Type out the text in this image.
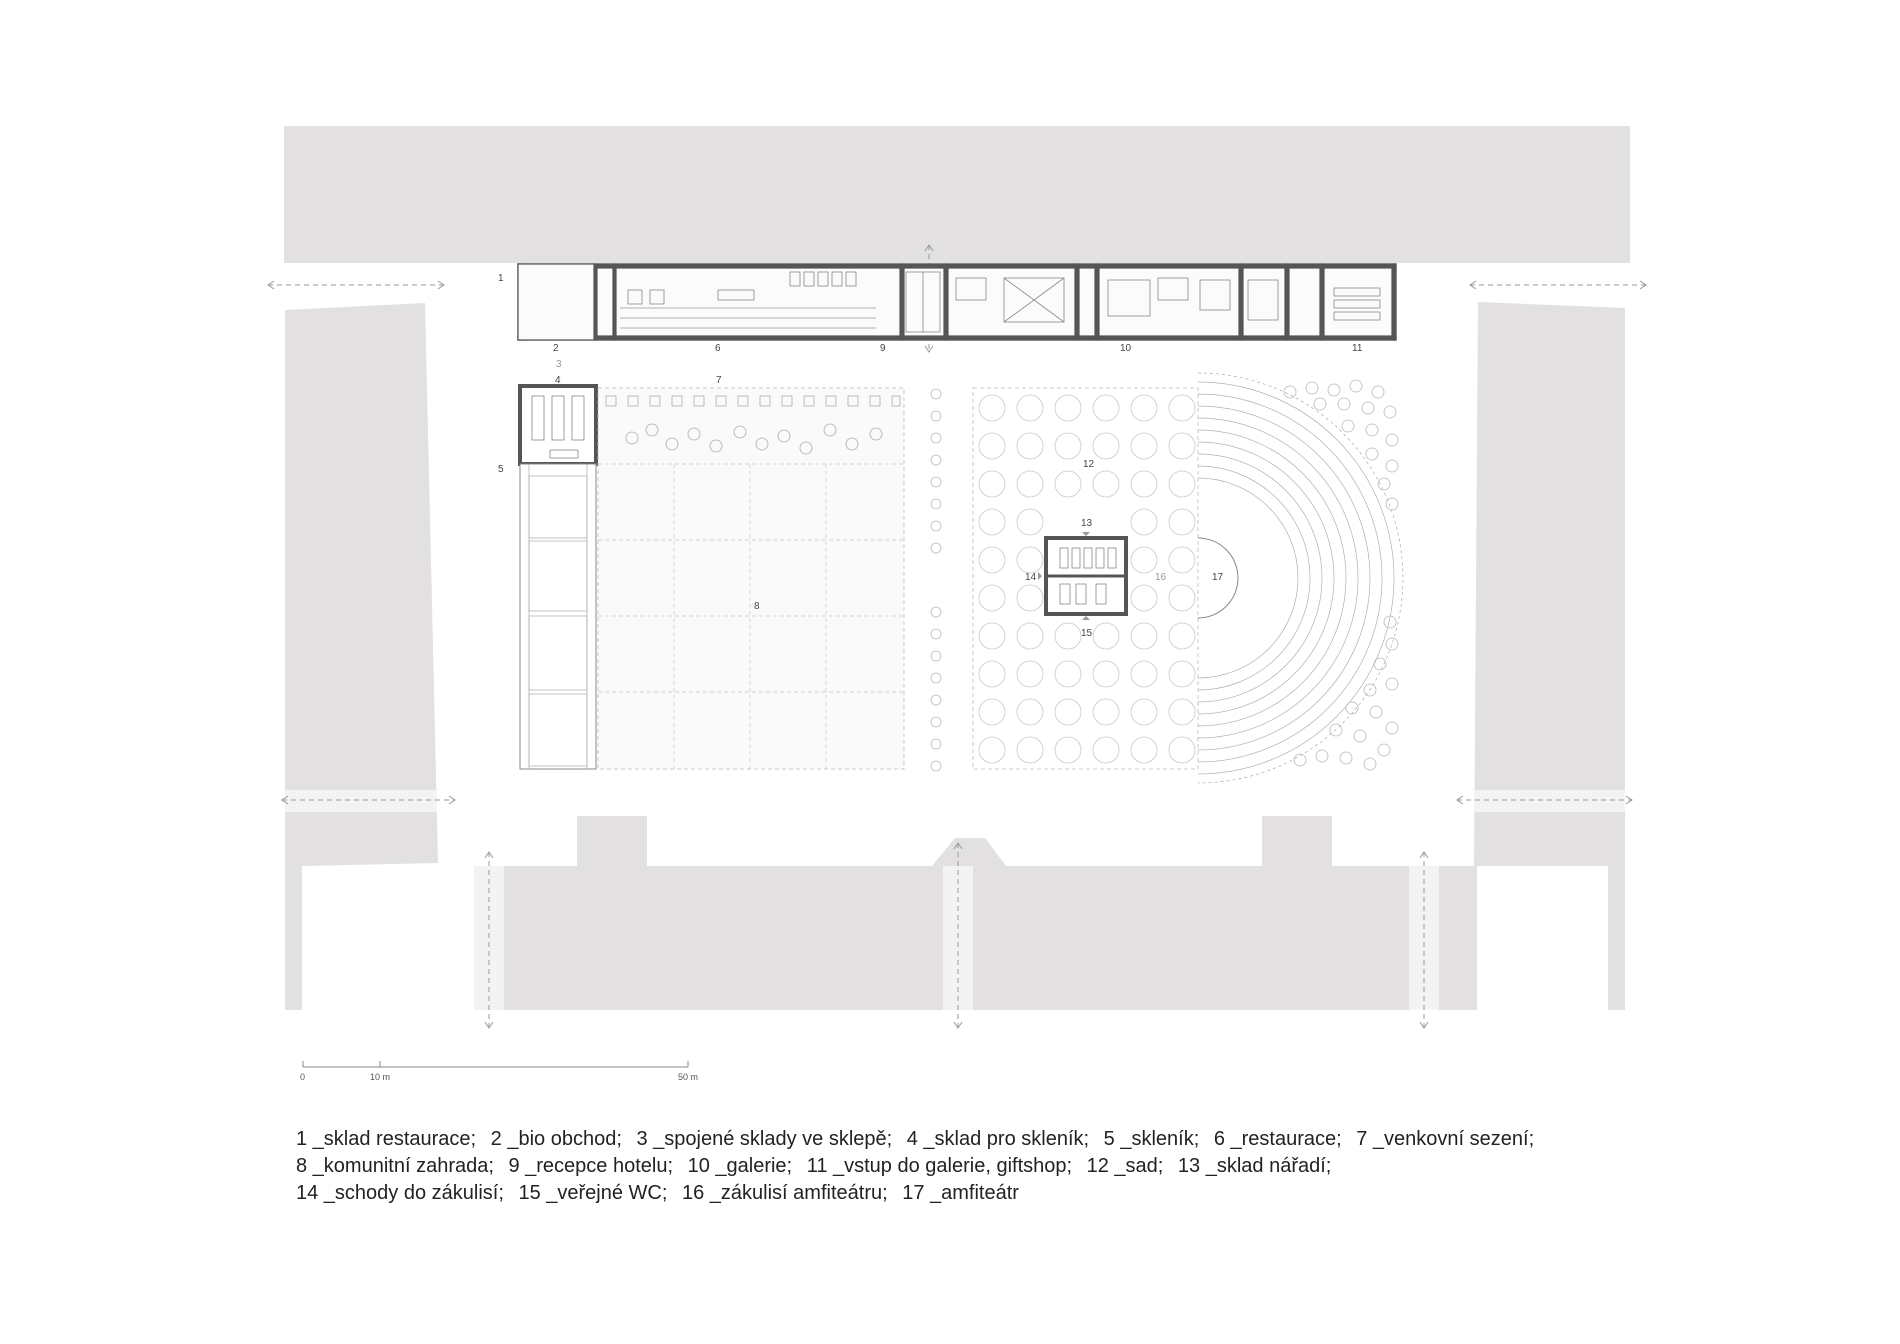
1
2
3
4
5
6
7
8
9	10	11
12
13
14
15
16	17
0	10 m	50 m
1 _sklad restaurace; 2 _bio obchod; 3 _spojené sklady ve sklepě; 4 _sklad pro skleník; 5 _skleník; 6 _restaurace; 7 _venkovní sezení;
8 _komunitní zahrada; 9 _recepce hotelu; 10 _galerie; 11 _vstup do galerie, giftshop; 12 _sad; 13 _sklad nářadí;
14 _schody do zákulisí; 15 _veřejné WC; 16 _zákulisí amfiteátru; 17 _amfiteátr
